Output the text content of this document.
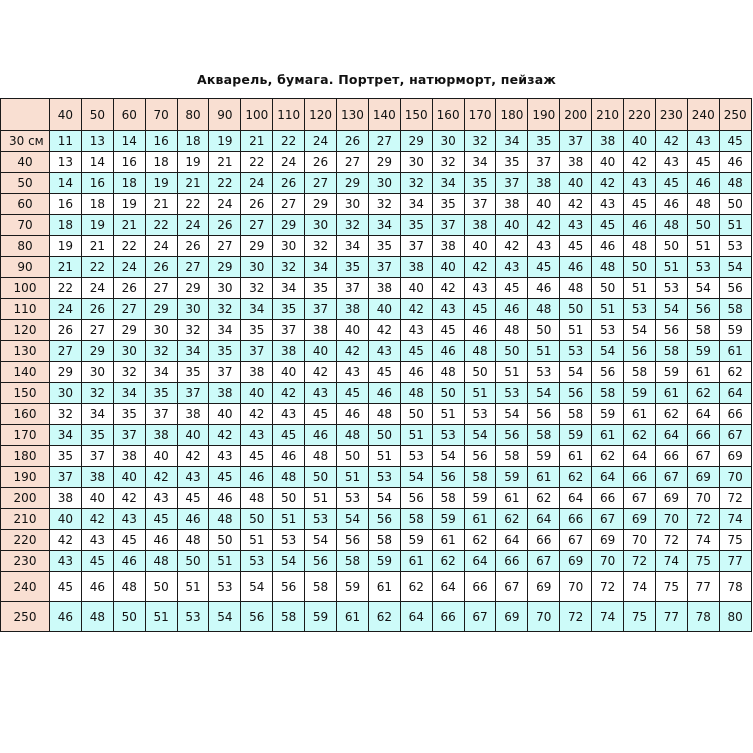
Акварель, бумага. Портрет, натюрморт, пейзаж
	40	50	60	70	80	90	100	110	120	130	140	150	160	170	180	190	200	210	220	230	240	250
30 см	11	13	14	16	18	19	21	22	24	26	27	29	30	32	34	35	37	38	40	42	43	45
40	13	14	16	18	19	21	22	24	26	27	29	30	32	34	35	37	38	40	42	43	45	46
50	14	16	18	19	21	22	24	26	27	29	30	32	34	35	37	38	40	42	43	45	46	48
60	16	18	19	21	22	24	26	27	29	30	32	34	35	37	38	40	42	43	45	46	48	50
70	18	19	21	22	24	26	27	29	30	32	34	35	37	38	40	42	43	45	46	48	50	51
80	19	21	22	24	26	27	29	30	32	34	35	37	38	40	42	43	45	46	48	50	51	53
90	21	22	24	26	27	29	30	32	34	35	37	38	40	42	43	45	46	48	50	51	53	54
100	22	24	26	27	29	30	32	34	35	37	38	40	42	43	45	46	48	50	51	53	54	56
110	24	26	27	29	30	32	34	35	37	38	40	42	43	45	46	48	50	51	53	54	56	58
120	26	27	29	30	32	34	35	37	38	40	42	43	45	46	48	50	51	53	54	56	58	59
130	27	29	30	32	34	35	37	38	40	42	43	45	46	48	50	51	53	54	56	58	59	61
140	29	30	32	34	35	37	38	40	42	43	45	46	48	50	51	53	54	56	58	59	61	62
150	30	32	34	35	37	38	40	42	43	45	46	48	50	51	53	54	56	58	59	61	62	64
160	32	34	35	37	38	40	42	43	45	46	48	50	51	53	54	56	58	59	61	62	64	66
170	34	35	37	38	40	42	43	45	46	48	50	51	53	54	56	58	59	61	62	64	66	67
180	35	37	38	40	42	43	45	46	48	50	51	53	54	56	58	59	61	62	64	66	67	69
190	37	38	40	42	43	45	46	48	50	51	53	54	56	58	59	61	62	64	66	67	69	70
200	38	40	42	43	45	46	48	50	51	53	54	56	58	59	61	62	64	66	67	69	70	72
210	40	42	43	45	46	48	50	51	53	54	56	58	59	61	62	64	66	67	69	70	72	74
220	42	43	45	46	48	50	51	53	54	56	58	59	61	62	64	66	67	69	70	72	74	75
230	43	45	46	48	50	51	53	54	56	58	59	61	62	64	66	67	69	70	72	74	75	77
240	45	46	48	50	51	53	54	56	58	59	61	62	64	66	67	69	70	72	74	75	77	78
250	46	48	50	51	53	54	56	58	59	61	62	64	66	67	69	70	72	74	75	77	78	80
